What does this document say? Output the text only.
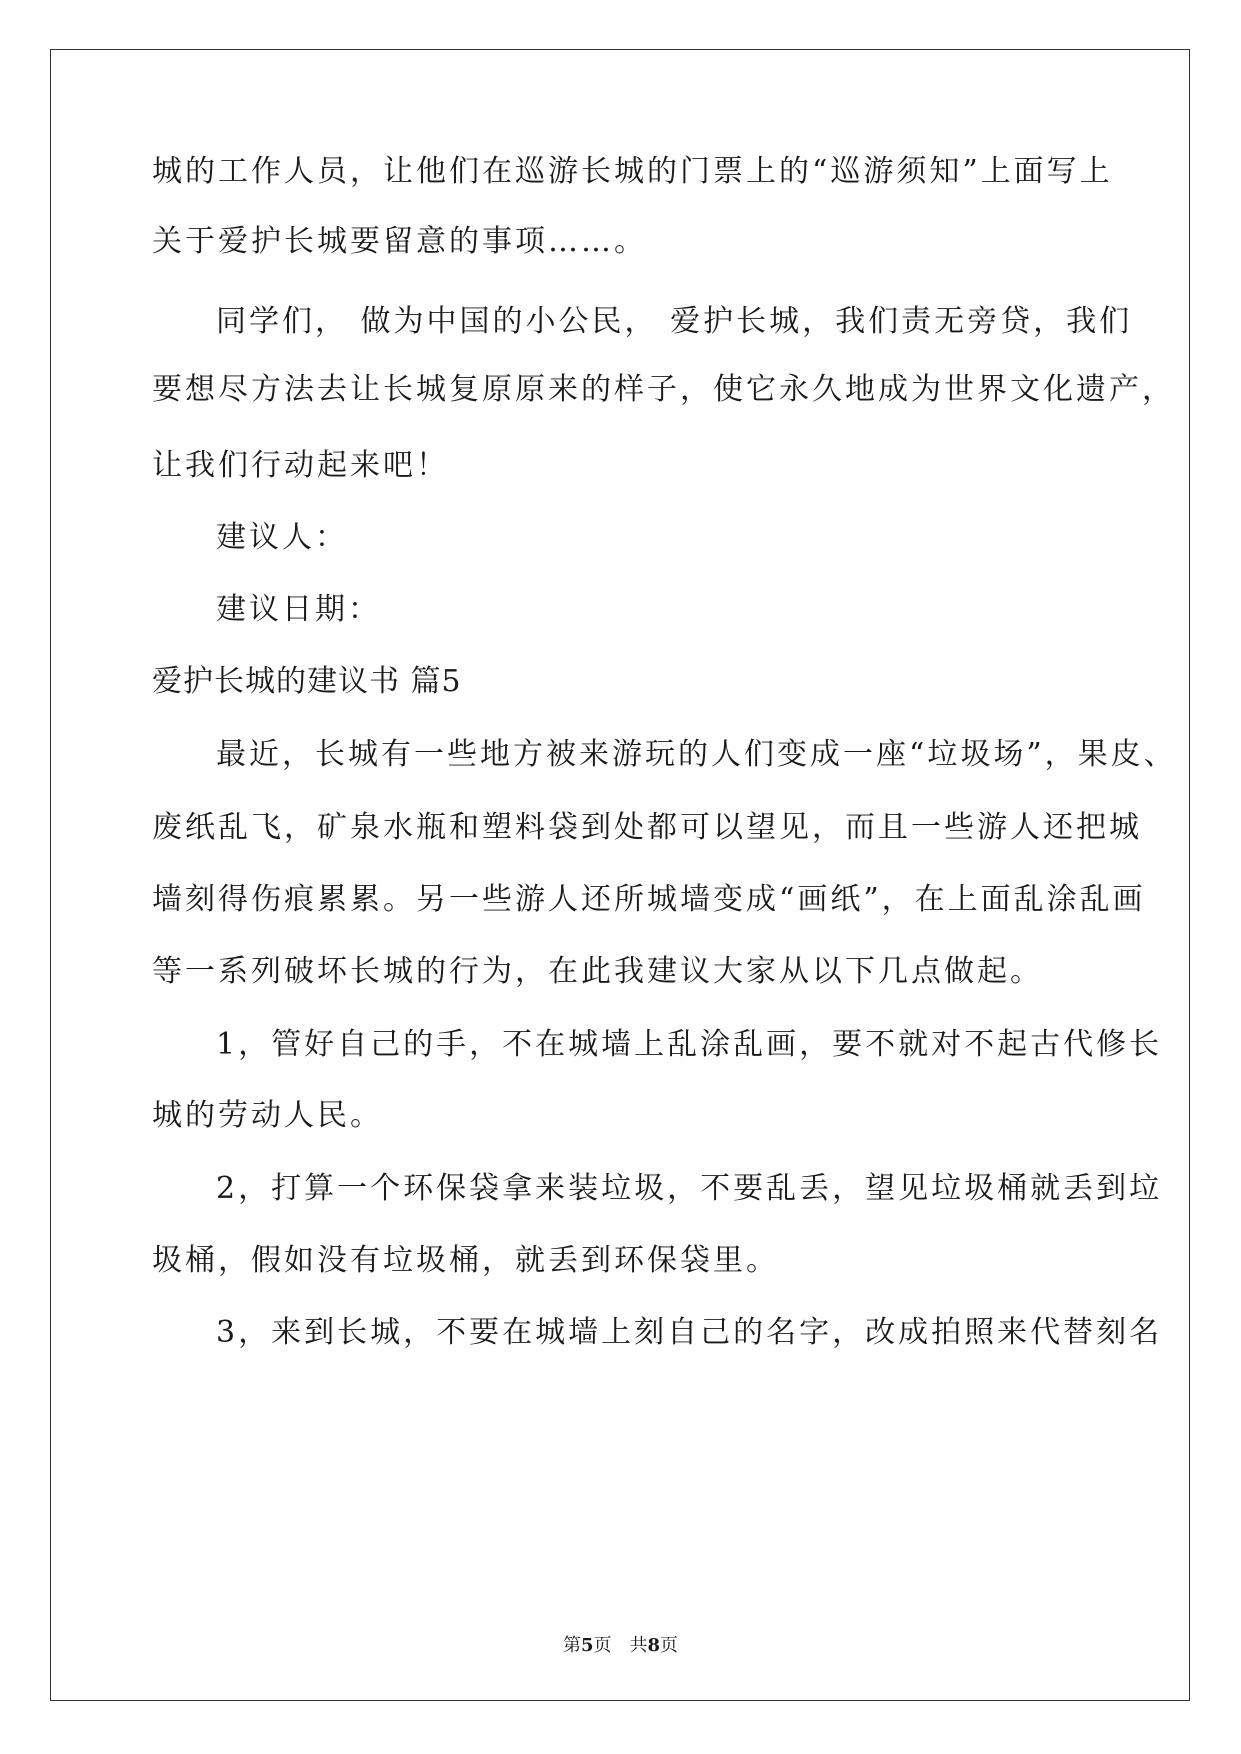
城的工作人员，让他们在巡游长城的门票上的“巡游须知”上面写上
关于爱护长城要留意的事项……。
同学们， 做为中国的小公民， 爱护长城，我们责无旁贷，我们
要想尽方法去让长城复原原来的样子，使它永久地成为世界文化遗产，
让我们行动起来吧！
建议人：
建议日期：
爱护长城的建议书 篇5
最近，长城有一些地方被来游玩的人们变成一座“垃圾场”，果皮、
废纸乱飞，矿泉水瓶和塑料袋到处都可以望见，而且一些游人还把城
墙刻得伤痕累累。另一些游人还所城墙变成“画纸”，在上面乱涂乱画
等一系列破坏长城的行为，在此我建议大家从以下几点做起。
1，管好自己的手，不在城墙上乱涂乱画，要不就对不起古代修长
城的劳动人民。
2，打算一个环保袋拿来装垃圾，不要乱丢，望见垃圾桶就丢到垃
圾桶，假如没有垃圾桶，就丢到环保袋里。
3，来到长城，不要在城墙上刻自己的名字，改成拍照来代替刻名
第5页　共8页
